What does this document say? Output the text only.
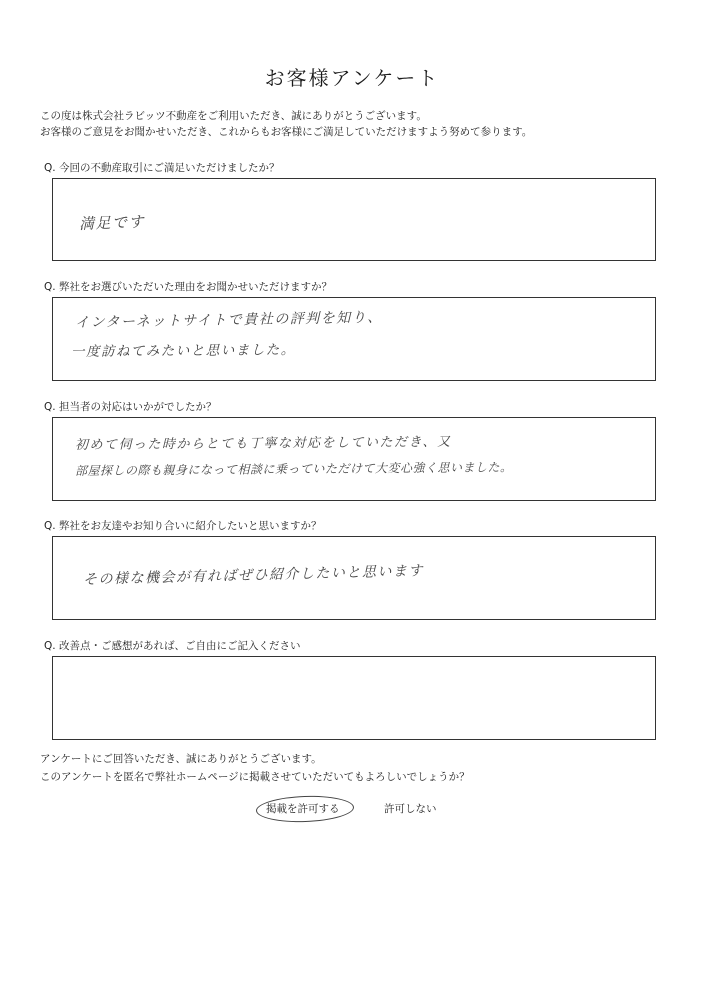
お客様アンケート
この度は株式会社ラビッツ不動産をご利用いただき、誠にありがとうございます。
お客様のご意見をお聞かせいただき、これからもお客様にご満足していただけますよう努めて参ります。
Q. 今回の不動産取引にご満足いただけましたか？
満足です
Q. 弊社をお選びいただいた理由をお聞かせいただけますか？
インターネットサイトで貴社の評判を知り、
一度訪ねてみたいと思いました。
Q. 担当者の対応はいかがでしたか？
初めて伺った時からとても丁寧な対応をしていただき、又
部屋探しの際も親身になって相談に乗っていただけて大変心強く思いました。
Q. 弊社をお友達やお知り合いに紹介したいと思いますか？
その様な機会が有ればぜひ紹介したいと思います
Q. 改善点・ご感想があれば、ご自由にご記入ください
アンケートにご回答いただき、誠にありがとうございます。
このアンケートを匿名で弊社ホームページに掲載させていただいてもよろしいでしょうか？
掲載を許可する	許可しない
